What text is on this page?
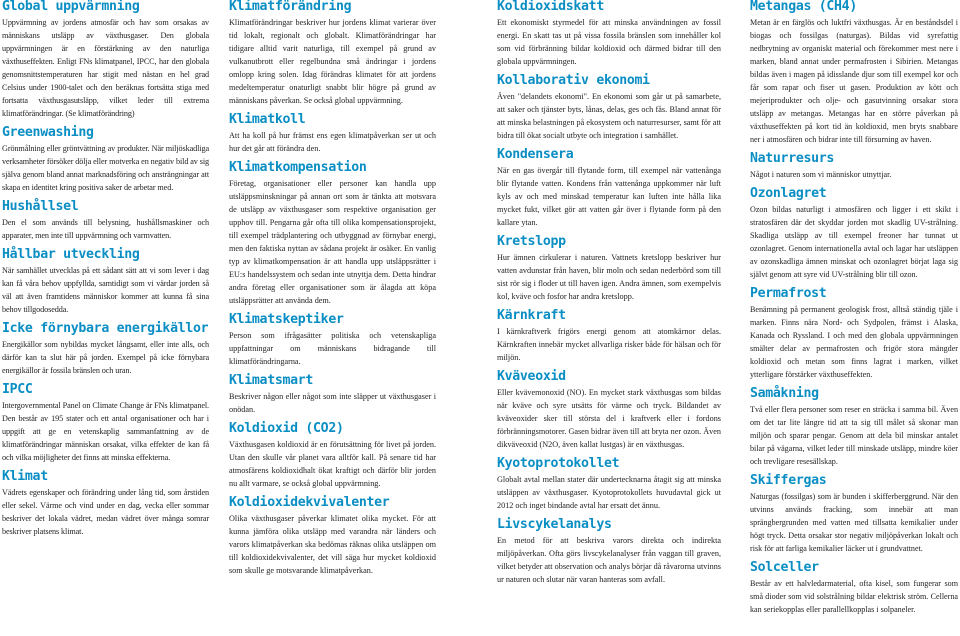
Global uppvärmning

Uppvärmning av jordens atmosfär och hav som orsakas av människans utsläpp av växthusgaser. Den globala uppvärmningen är en förstärkning av den naturliga växthuseffekten. Enligt FNs klimatpanel, IPCC, har den globala genomsnittstemperaturen har stigit med nästan en hel grad Celsius under 1900-talet och den beräknas fortsätta stiga med fortsatta växthusgasutsläpp, vilket leder till extrema klimatförändringar. (Se klimatförändring)

Greenwashing

Grönmålning eller gröntvättning av produkter. När miljöskadliga verksamheter försöker dölja eller motverka en negativ bild av sig själva genom bland annat marknadsföring och ansträngningar att skapa en identitet kring positiva saker de arbetar med.

Hushållsel

Den el som används till belysning, hushållsmaskiner och apparater, men inte till uppvärmning och varmvatten.

Hållbar utveckling

När samhället utvecklas på ett sådant sätt att vi som lever i dag kan få våra behov uppfyllda, samtidigt som vi värdar jorden så väl att även framtidens människor kommer att kunna få sina behov tillgodosedda.

Icke förnybara energikällor

Energikällor som nybildas mycket långsamt, eller inte alls, och därför kan ta slut här på jorden. Exempel på icke förnybara energikällor är fossila bränslen och uran.

IPCC

Intergovernmental Panel on Climate Change är FNs klimatpanel. Den består av 195 stater och ett antal organisationer och har i uppgift att ge en vetenskaplig sammanfattning av de klimatförändringar människan orsakat, vilka effekter de kan få och vilka möjligheter det finns att minska effekterna.

Klimat

Vädrets egenskaper och förändring under lång tid, som årstiden eller sekel. Värme och vind under en dag, vecka eller sommar beskriver det lokala vädret, medan vädret över många somrar beskriver platsens klimat.

Klimatförändring

Klimatförändringar beskriver hur jordens klimat varierar över tid lokalt, regionalt och globalt. Klimatförändringar har tidigare alltid varit naturliga, till exempel på grund av vulkanutbrott eller regelbundna små ändringar i jordens omlopp kring solen. Idag förändras klimatet för att jordens medeltemperatur onaturligt snabbt blir högre på grund av människans påverkan. Se också global uppvärmning.

Klimatkoll

Att ha koll på hur främst ens egen klimatpåverkan ser ut och hur det går att förändra den.

Klimatkompensation

Företag, organisationer eller personer kan handla upp utsläppsminskningar på annan ort som är tänkta att motsvara de utsläpp av växthusgaser som respektive organisation ger upphov till. Pengarna går ofta till olika kompensationsprojekt, till exempel trädplantering och utbyggnad av förnybar energi, men den faktiska nyttan av sådana projekt är osäker. En vanlig typ av klimatkompensation är att handla upp utsläppsrätter i EU:s handelssystem och sedan inte utnyttja dem. Detta hindrar andra företag eller organisationer som är ålagda att köpa utsläppsrätter att använda dem.

Klimatskeptiker

Person som ifrågasätter politiska och vetenskapliga uppfattningar om människans bidragande till klimatförändringarna.

Klimatsmart

Beskriver någon eller något som inte släpper ut växthusgaser i onödan.

Koldioxid (CO2)

Växthusgasen koldioxid är en förutsättning för livet på jorden. Utan den skulle vår planet vara alltför kall. På senare tid har atmosfärens koldioxidhalt ökat kraftigt och därför blir jorden nu allt varmare, se också global uppvärmning.

Koldioxidekvivalenter

Olika växthusgaser påverkar klimatet olika mycket. För att kunna jämföra olika utsläpp med varandra när länders och varors klimatpåverkan ska bedömas räknas olika utsläppen om till koldioxidekvivalenter, det vill säga hur mycket koldioxid som skulle ge motsvarande klimatpåverkan.

Koldioxidskatt

Ett ekonomiskt styrmedel för att minska användningen av fossil energi. En skatt tas ut på vissa fossila bränslen som innehåller kol som vid förbränning bildar koldioxid och därmed bidrar till den globala uppvärmningen.

Kollaborativ ekonomi

Även "delandets ekonomi". En ekonomi som går ut på samarbete, att saker och tjänster byts, lånas, delas, ges och fås. Bland annat för att minska belastningen på ekosystem och naturresurser, samt för att bidra till ökat socialt utbyte och integration i samhället.

Kondensera

När en gas övergår till flytande form, till exempel när vattenånga blir flytande vatten. Kondens från vattenånga uppkommer när luft kyls av och med minskad temperatur kan luften inte hålla lika mycket fukt, vilket gör att vatten går över i flytande form på den kallare ytan.

Kretslopp

Hur ämnen cirkulerar i naturen. Vattnets kretslopp beskriver hur vatten avdunstar från haven, blir moln och sedan nederbörd som till sist rör sig i floder ut till haven igen. Andra ämnen, som exempelvis kol, kväve och fosfor har andra kretslopp.

Kärnkraft

I kärnkraftverk frigörs energi genom att atomkärnor delas. Kärnkraften innebär mycket allvarliga risker både för hälsan och för miljön.

Kväveoxid

Eller kvävemonoxid (NO). En mycket stark växthusgas som bildas när kväve och syre utsätts för värme och tryck. Bildandet av kväveoxider sker till största del i kraftverk eller i fordons förbränningsmotorer. Gasen bidrar även till att bryta ner ozon. Även dikväveoxid (N2O, även kallat lustgas) är en växthusgas.

Kyotoprotokollet

Globalt avtal mellan stater där undertecknarna åtagit sig att minska utsläppen av växthusgaser. Kyotoprotokollets huvudavtal gick ut 2012 och inget bindande avtal har ersatt det ännu.

Livscykelanalys

En metod för att beskriva varors direkta och indirekta miljöpåverkan. Ofta görs livscykelanalyser från vaggan till graven, vilket betyder att observation och analys börjar då råvarorna utvinns ur naturen och slutar när varan hanteras som avfall.

Metangas (CH4)

Metan är en färglös och luktfri växthusgas. Är en beståndsdel i biogas och fossilgas (naturgas). Bildas vid syrefattig nedbrytning av organiskt material och förekommer mest nere i marken, bland annat under permafrosten i Sibirien. Metangas bildas även i magen på idisslande djur som till exempel kor och får som rapar och fiser ut gasen. Produktion av kött och mejeriprodukter och olje- och gasutvinning orsakar stora utsläpp av metangas. Metangas har en större påverkan på växthuseffekten på kort tid än koldioxid, men bryts snabbare ner i atmosfären och bidrar inte till försurning av haven.

Naturresurs

Något i naturen som vi människor utnyttjar.

Ozonlagret

Ozon bildas naturligt i atmosfären och ligger i ett skikt i stratosfären där det skyddar jorden mot skadlig UV-strålning. Skadliga utsläpp av till exempel freoner har tunnat ut ozonlagret. Genom internationella avtal och lagar har utsläppen av ozonskadliga ämnen minskat och ozonlagret börjat laga sig självt genom att syre vid UV-strålning blir till ozon.

Permafrost

Benämning på permanent geologisk frost, alltså ständig tjäle i marken. Finns nära Nord- och Sydpolen, främst i Alaska, Kanada och Ryssland. I och med den globala uppvärmningen smälter delar av permafrosten och frigör stora mängder koldioxid och metan som finns lagrat i marken, vilket ytterligare förstärker växthuseffekten.

Samåkning

Två eller flera personer som reser en sträcka i samma bil. Även om det tar lite längre tid att ta sig till målet så skonar man miljön och sparar pengar. Genom att dela bil minskar antalet bilar på vägarna, vilket leder till minskade utsläpp, mindre köer och trevligare resesällskap.

Skiffergas

Naturgas (fossilgas) som är bunden i skifferberggrund. När den utvinns används fracking, som innebär att man sprängbergrunden med vatten med tillsatta kemikalier under högt tryck. Detta orsakar stor negativ miljöpåverkan lokalt och risk för att farliga kemikalier läcker ut i grundvattnet.

Solceller

Består av ett halvledarmaterial, ofta kisel, som fungerar som små dioder som vid solstrålning bildar elektrisk ström. Cellerna kan seriekopplas eller parallellkopplas i solpaneler.
